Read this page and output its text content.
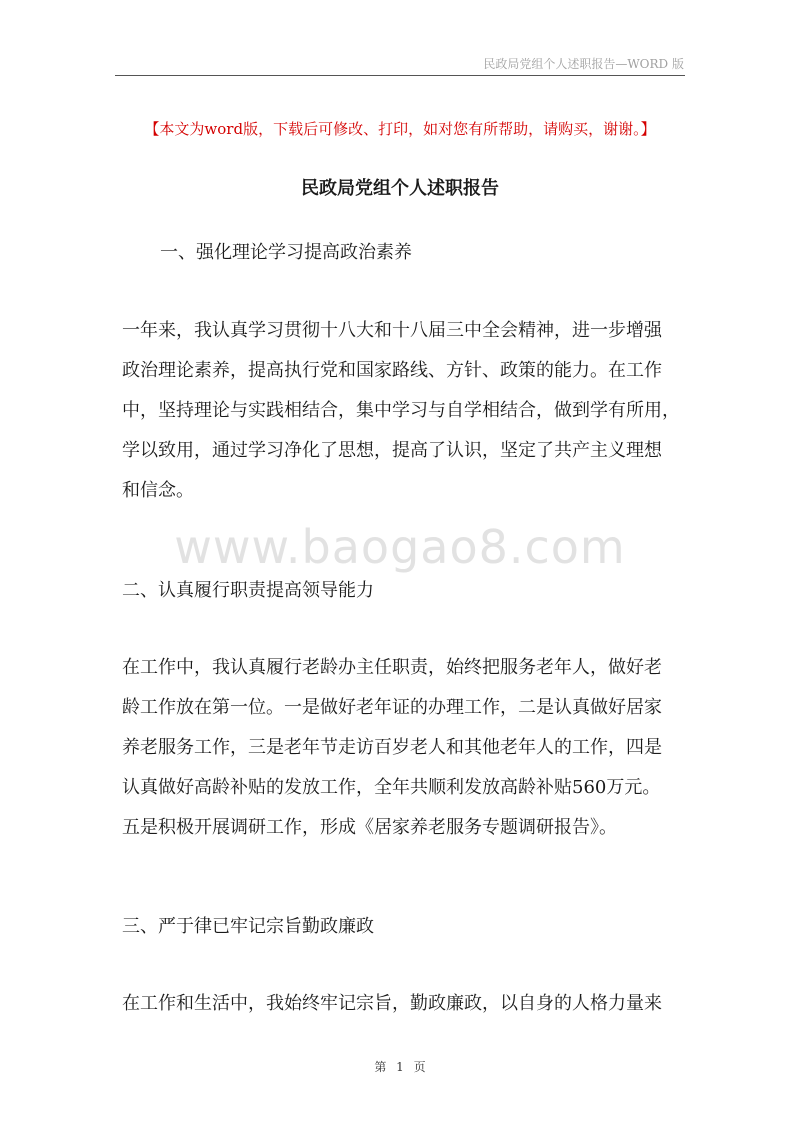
民政局党组个人述职报告—WORD 版
【本文为word版，下载后可修改、打印，如对您有所帮助，请购买，谢谢。】
民政局党组个人述职报告
一、强化理论学习提高政治素养
一年来，我认真学习贯彻十八大和十八届三中全会精神，进一步增强
政治理论素养，提高执行党和国家路线、方针、政策的能力。在工作
中，坚持理论与实践相结合，集中学习与自学相结合，做到学有所用，
学以致用，通过学习净化了思想，提高了认识，坚定了共产主义理想
和信念。
www.baogao8.com
二、认真履行职责提高领导能力
在工作中，我认真履行老龄办主任职责，始终把服务老年人，做好老
龄工作放在第一位。一是做好老年证的办理工作，二是认真做好居家
养老服务工作，三是老年节走访百岁老人和其他老年人的工作，四是
认真做好高龄补贴的发放工作，全年共顺利发放高龄补贴560万元。
五是积极开展调研工作，形成《居家养老服务专题调研报告》。
三、严于律已牢记宗旨勤政廉政
在工作和生活中，我始终牢记宗旨，勤政廉政，以自身的人格力量来
第 1 页
